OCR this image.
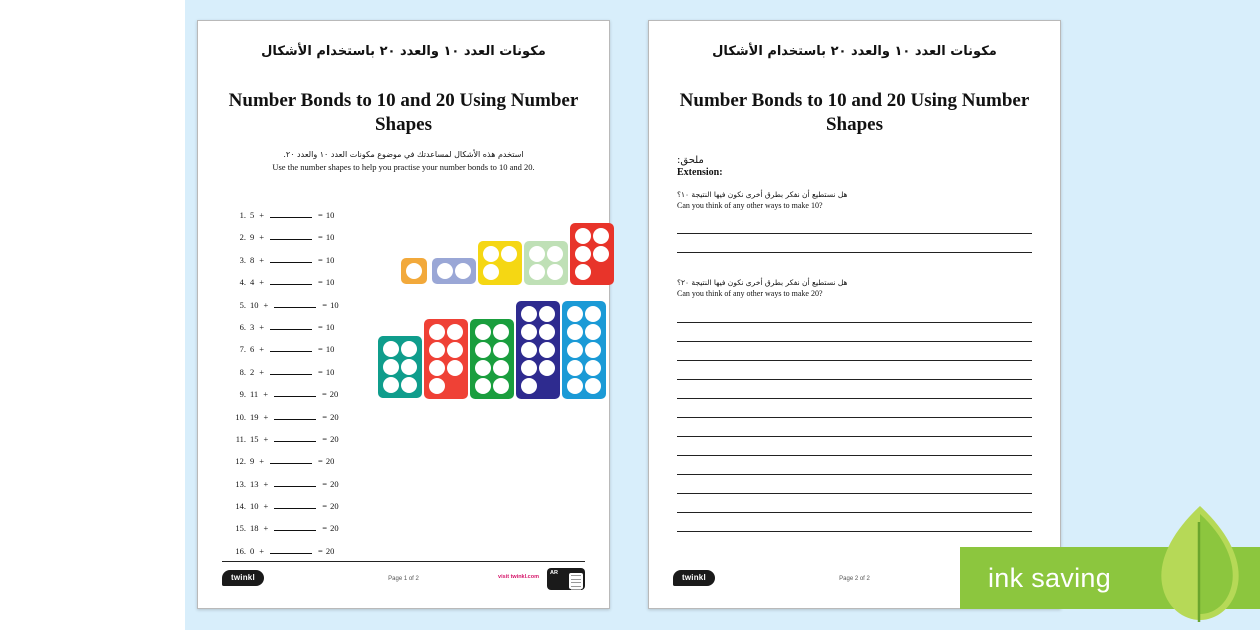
مكونات العدد ١٠ والعدد ٢٠ باستخدام الأشكال
Number Bonds to 10 and 20 Using Number Shapes
استخدم هذه الأشكال لمساعدتك في موضوع مكونات العدد ١٠ والعدد ٢٠.
Use the number shapes to help you practise your number bonds to 10 and 20.
1. 5 +	= 10
2. 9 +	= 10
3. 8 +	= 10
4. 4 +	= 10
5. 10 +	= 10
6. 3 +	= 10
7. 6 +	= 10
8. 2 +	= 10
9. 11 +	= 20
10. 19 +	= 20
11. 15 +	= 20
12. 9 +	= 20
13. 13 +	= 20
14. 10 +	= 20
15. 18 +	= 20
16. 0 +	= 20
twinkl	Page 1 of 2	visit twinkl.com
AR
مكونات العدد ١٠ والعدد ٢٠ باستخدام الأشكال
Number Bonds to 10 and 20 Using Number Shapes
ملحق:
Extension:
هل نستطيع أن نفكر بطرق أخرى نكون فيها النتيجة ١٠؟
Can you think of any other ways to make 10?
هل نستطيع أن نفكر بطرق أخرى نكون فيها النتيجة ٢٠؟
Can you think of any other ways to make 20?
twinkl	Page 2 of 2	ink saving
